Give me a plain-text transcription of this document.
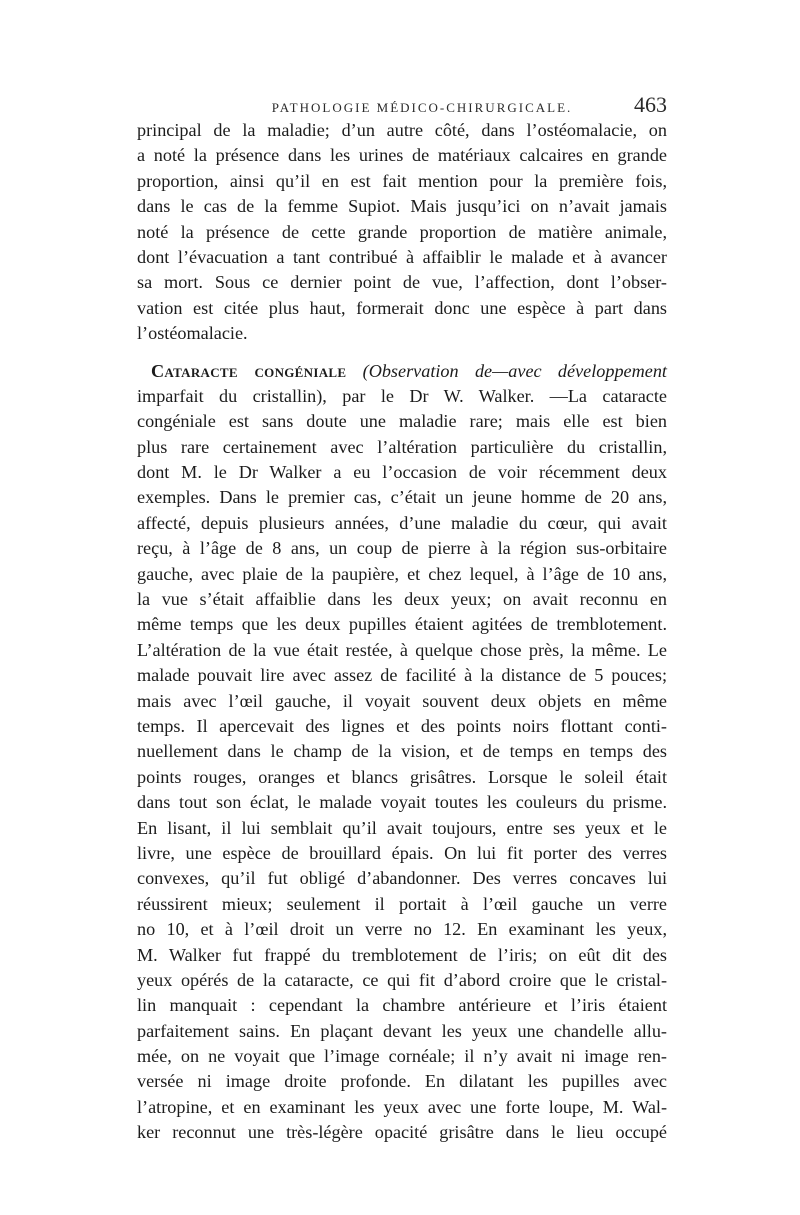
PATHOLOGIE MÉDICO-CHIRURGICALE.	463
principal de la maladie; d’un autre côté, dans l’ostéomalacie, on
a noté la présence dans les urines de matériaux calcaires en grande
proportion, ainsi qu’il en est fait mention pour la première fois,
dans le cas de la femme Supiot. Mais jusqu’ici on n’avait jamais
noté la présence de cette grande proportion de matière animale,
dont l’évacuation a tant contribué à affaiblir le malade et à avancer
sa mort. Sous ce dernier point de vue, l’affection, dont l’obser-
vation est citée plus haut, formerait donc une espèce à part dans
l’ostéomalacie.
Cataracte congéniale (Observation de—avec développement
imparfait du cristallin), par le Dr W. Walker. —La cataracte
congéniale est sans doute une maladie rare; mais elle est bien
plus rare certainement avec l’altération particulière du cristallin,
dont M. le Dr Walker a eu l’occasion de voir récemment deux
exemples. Dans le premier cas, c’était un jeune homme de 20 ans,
affecté, depuis plusieurs années, d’une maladie du cœur, qui avait
reçu, à l’âge de 8 ans, un coup de pierre à la région sus-orbitaire
gauche, avec plaie de la paupière, et chez lequel, à l’âge de 10 ans,
la vue s’était affaiblie dans les deux yeux; on avait reconnu en
même temps que les deux pupilles étaient agitées de tremblotement.
L’altération de la vue était restée, à quelque chose près, la même. Le
malade pouvait lire avec assez de facilité à la distance de 5 pouces;
mais avec l’œil gauche, il voyait souvent deux objets en même
temps. Il apercevait des lignes et des points noirs flottant conti-
nuellement dans le champ de la vision, et de temps en temps des
points rouges, oranges et blancs grisâtres. Lorsque le soleil était
dans tout son éclat, le malade voyait toutes les couleurs du prisme.
En lisant, il lui semblait qu’il avait toujours, entre ses yeux et le
livre, une espèce de brouillard épais. On lui fit porter des verres
convexes, qu’il fut obligé d’abandonner. Des verres concaves lui
réussirent mieux; seulement il portait à l’œil gauche un verre
no 10, et à l’œil droit un verre no 12. En examinant les yeux,
M. Walker fut frappé du tremblotement de l’iris; on eût dit des
yeux opérés de la cataracte, ce qui fit d’abord croire que le cristal-
lin manquait : cependant la chambre antérieure et l’iris étaient
parfaitement sains. En plaçant devant les yeux une chandelle allu-
mée, on ne voyait que l’image cornéale; il n’y avait ni image ren-
versée ni image droite profonde. En dilatant les pupilles avec
l’atropine, et en examinant les yeux avec une forte loupe, M. Wal-
ker reconnut une très-légère opacité grisâtre dans le lieu occupé
